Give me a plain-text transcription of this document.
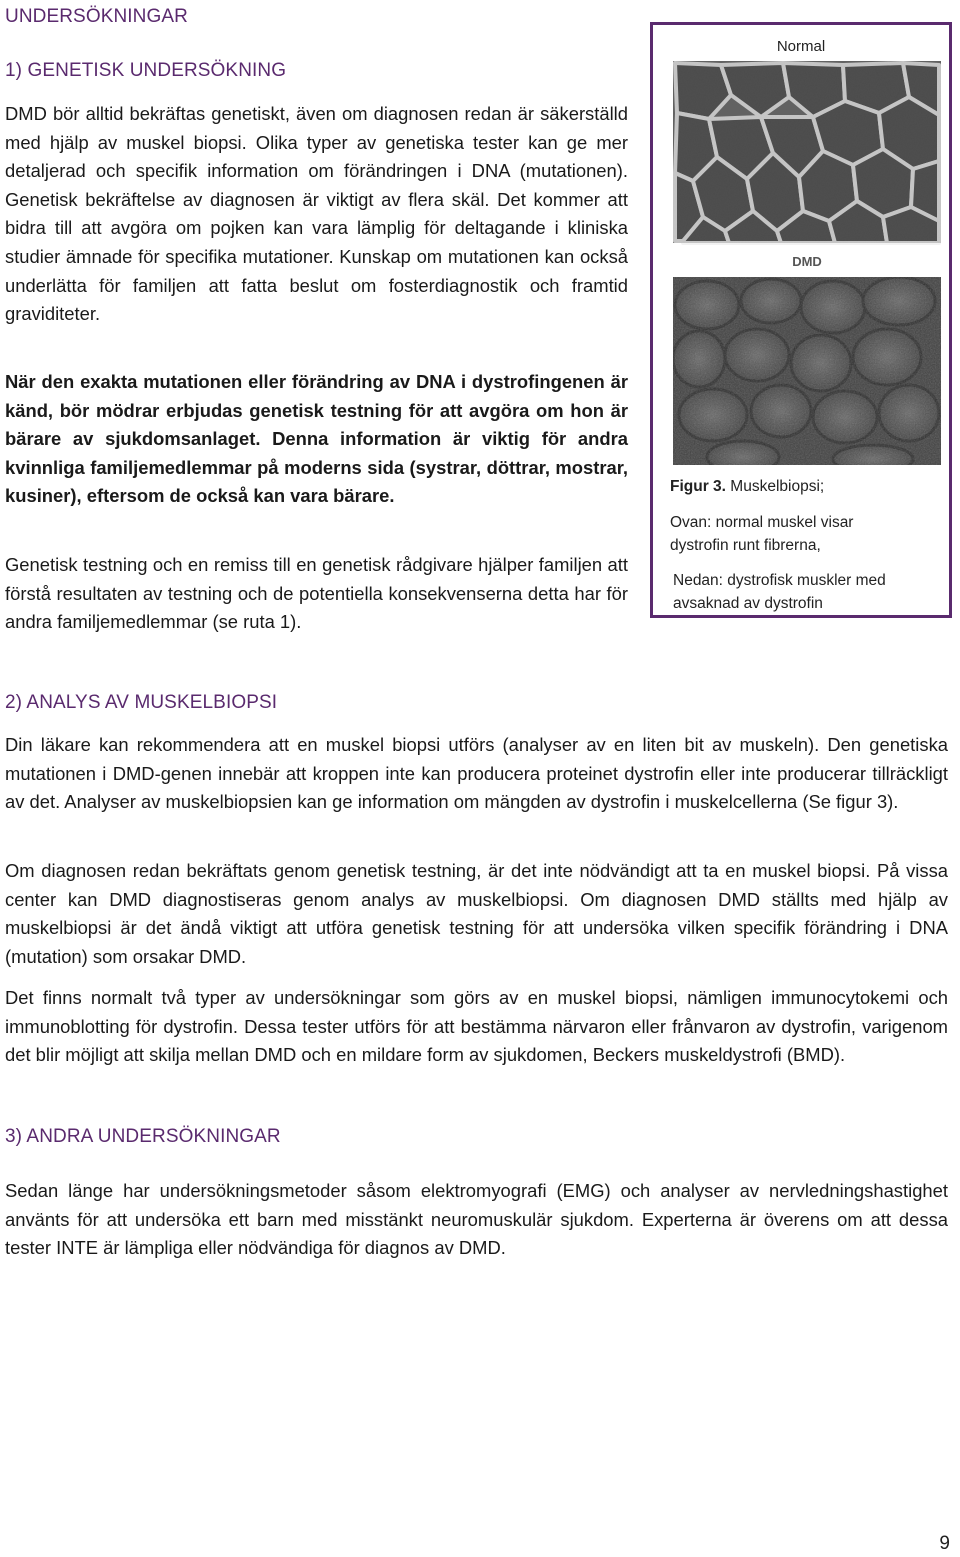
UNDERSÖKNINGAR
1) GENETISK UNDERSÖKNING

DMD bör alltid bekräftas genetiskt, även om diagnosen redan är säkerställd med hjälp av muskel biopsi. Olika typer av genetiska tester kan ge mer detaljerad och specifik information om förändringen i DNA (mutationen). Genetisk bekräftelse av diagnosen är viktigt av flera skäl. Det kommer att bidra till att avgöra om pojken kan vara lämplig för deltagande i kliniska studier ämnade för specifika mutationer. Kunskap om mutationen kan också underlätta för familjen att fatta beslut om fosterdiagnostik och framtid graviditeter.

När den exakta mutationen eller förändring av DNA i dystrofingenen är känd, bör mödrar erbjudas genetisk testning för att avgöra om hon är bärare av sjukdomsanlaget. Denna information är viktig för andra kvinnliga familjemedlemmar på moderns sida (systrar, döttrar, mostrar, kusiner), eftersom de också kan vara bärare.

Genetisk testning och en remiss till en genetisk rådgivare hjälper familjen att förstå resultaten av testning och de potentiella konsekvenserna detta har för andra familjemedlemmar (se ruta 1).

Normal
DMD

Figur 3. Muskelbiopsi;

Ovan: normal muskel visar dystrofin runt fibrerna,

Nedan: dystrofisk muskler med avsaknad av dystrofin

2) ANALYS AV MUSKELBIOPSI

Din läkare kan rekommendera att en muskel biopsi utförs (analyser av en liten bit av muskeln). Den genetiska mutationen i DMD-genen innebär att kroppen inte kan producera proteinet dystrofin eller inte producerar tillräckligt av det. Analyser av muskelbiopsien kan ge information om mängden av dystrofin i muskelcellerna (Se figur 3).

Om diagnosen redan bekräftats genom genetisk testning, är det inte nödvändigt att ta en muskel biopsi. På vissa center kan DMD diagnostiseras genom analys av muskelbiopsi. Om diagnosen DMD ställts med hjälp av muskelbiopsi är det ändå viktigt att utföra genetisk testning för att undersöka vilken specifik förändring i DNA (mutation) som orsakar DMD.

Det finns normalt två typer av undersökningar som görs av en muskel biopsi, nämligen immunocytokemi och immunoblotting för dystrofin. Dessa tester utförs för att bestämma närvaron eller frånvaron av dystrofin, varigenom det blir möjligt att skilja mellan DMD och en mildare form av sjukdomen, Beckers muskeldystrofi (BMD).

3) ANDRA UNDERSÖKNINGAR

Sedan länge har undersökningsmetoder såsom elektromyografi (EMG) och analyser av nervledningshastighet använts för att undersöka ett barn med misstänkt neuromuskulär sjukdom. Experterna är överens om att dessa tester INTE är lämpliga eller nödvändiga för diagnos av DMD.

9
